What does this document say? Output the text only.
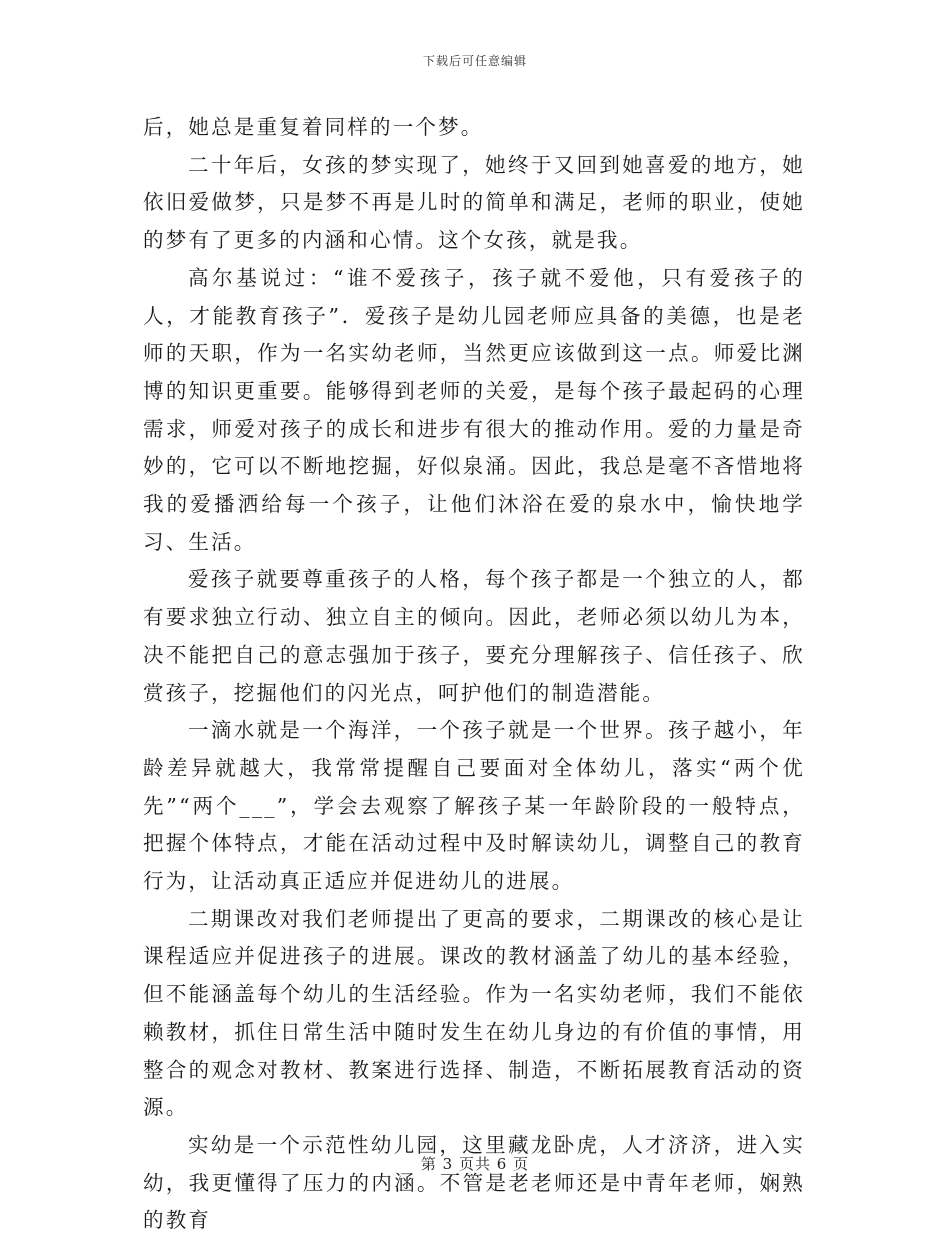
下载后可任意编辑

后，她总是重复着同样的一个梦。

二十年后，女孩的梦实现了，她终于又回到她喜爱的地方，她依旧爱做梦，只是梦不再是儿时的简单和满足，老师的职业，使她的梦有了更多的内涵和心情。这个女孩，就是我。

高尔基说过：“谁不爱孩子，孩子就不爱他，只有爱孩子的人，才能教育孩子”．爱孩子是幼儿园老师应具备的美德，也是老师的天职，作为一名实幼老师，当然更应该做到这一点。师爱比渊博的知识更重要。能够得到老师的关爱，是每个孩子最起码的心理需求，师爱对孩子的成长和进步有很大的推动作用。爱的力量是奇妙的，它可以不断地挖掘，好似泉涌。因此，我总是毫不吝惜地将我的爱播洒给每一个孩子，让他们沐浴在爱的泉水中，愉快地学习、生活。

爱孩子就要尊重孩子的人格，每个孩子都是一个独立的人，都有要求独立行动、独立自主的倾向。因此，老师必须以幼儿为本，决不能把自己的意志强加于孩子，要充分理解孩子、信任孩子、欣赏孩子，挖掘他们的闪光点，呵护他们的制造潜能。

一滴水就是一个海洋，一个孩子就是一个世界。孩子越小，年龄差异就越大，我常常提醒自己要面对全体幼儿，落实“两个优先”“两个___”，学会去观察了解孩子某一年龄阶段的一般特点，把握个体特点，才能在活动过程中及时解读幼儿，调整自己的教育行为，让活动真正适应并促进幼儿的进展。

二期课改对我们老师提出了更高的要求，二期课改的核心是让课程适应并促进孩子的进展。课改的教材涵盖了幼儿的基本经验，但不能涵盖每个幼儿的生活经验。作为一名实幼老师，我们不能依赖教材，抓住日常生活中随时发生在幼儿身边的有价值的事情，用整合的观念对教材、教案进行选择、制造，不断拓展教育活动的资源。

实幼是一个示范性幼儿园，这里藏龙卧虎，人才济济，进入实幼，我更懂得了压力的内涵。不管是老老师还是中青年老师，娴熟的教育

第 3 页共 6 页
